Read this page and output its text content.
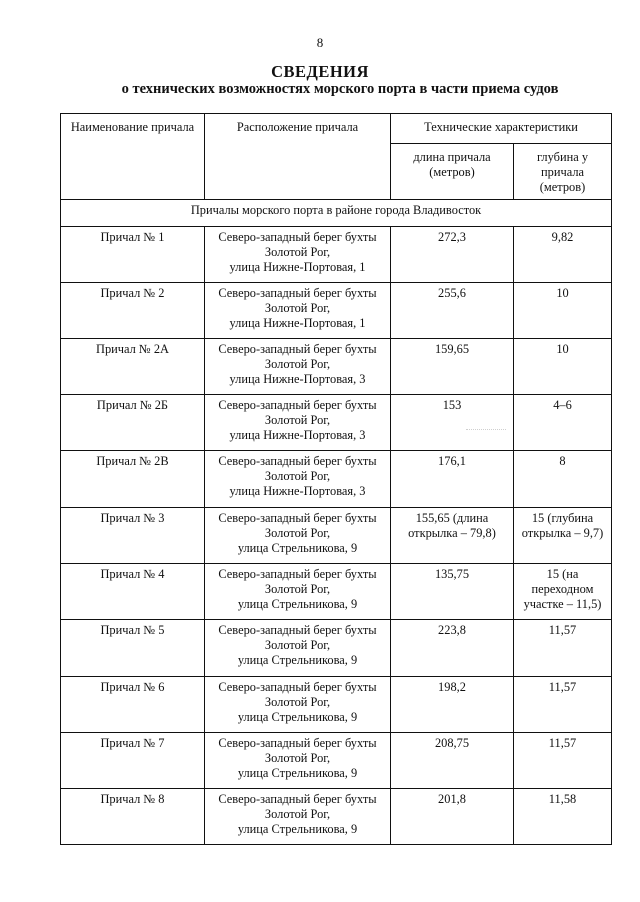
8
СВЕДЕНИЯ
о технических возможностях морского порта в части приема судов
Наименование причала	Расположение причала	Технические характеристики	
		длина причала (метров)	глубина у причала (метров)
Причалы морского порта в районе города Владивосток			
Причал № 1	Северо-западный берег бухты
Золотой Рог,
улица Нижне-Портовая, 1	272,3	9,82
Причал № 2	Северо-западный берег бухты
Золотой Рог,
улица Нижне-Портовая, 1	255,6	10
Причал № 2А	Северо-западный берег бухты
Золотой Рог,
улица Нижне-Портовая, 3	159,65	10
Причал № 2Б	Северо-западный берег бухты
Золотой Рог,
улица Нижне-Портовая, 3	153	4–6
Причал № 2В	Северо-западный берег бухты
Золотой Рог,
улица Нижне-Портовая, 3	176,1	8
Причал № 3	Северо-западный берег бухты
Золотой Рог,
улица Стрельникова, 9	155,65 (длина открылка – 79,8)	15 (глубина открылка – 9,7)
Причал № 4	Северо-западный берег бухты
Золотой Рог,
улица Стрельникова, 9	135,75	15 (на переходном участке – 11,5)
Причал № 5	Северо-западный берег бухты
Золотой Рог,
улица Стрельникова, 9	223,8	11,57
Причал № 6	Северо-западный берег бухты
Золотой Рог,
улица Стрельникова, 9	198,2	11,57
Причал № 7	Северо-западный берег бухты
Золотой Рог,
улица Стрельникова, 9	208,75	11,57
Причал № 8	Северо-западный берег бухты
Золотой Рог,
улица Стрельникова, 9	201,8	11,58
